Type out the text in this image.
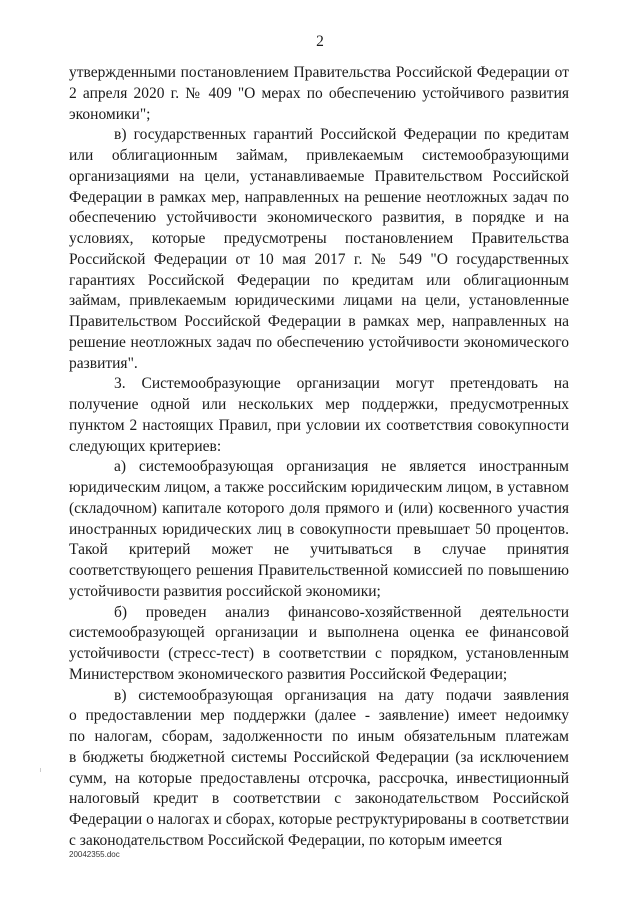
2
утвержденными постановлением Правительства Российской Федерации от
2 апреля 2020 г. № 409 "О мерах по обеспечению устойчивого развития
экономики";
в) государственных гарантий Российской Федерации по кредитам
или облигационным займам, привлекаемым системообразующими
организациями на цели, устанавливаемые Правительством Российской
Федерации в рамках мер, направленных на решение неотложных задач по
обеспечению устойчивости экономического развития, в порядке и на
условиях, которые предусмотрены постановлением Правительства
Российской Федерации от 10 мая 2017 г. № 549 "О государственных
гарантиях Российской Федерации по кредитам или облигационным
займам, привлекаемым юридическими лицами на цели, установленные
Правительством Российской Федерации в рамках мер, направленных на
решение неотложных задач по обеспечению устойчивости экономического
развития".
3. Системообразующие организации могут претендовать на
получение одной или нескольких мер поддержки, предусмотренных
пунктом 2 настоящих Правил, при условии их соответствия совокупности
следующих критериев:
а) системообразующая организация не является иностранным
юридическим лицом, а также российским юридическим лицом, в уставном
(складочном) капитале которого доля прямого и (или) косвенного участия
иностранных юридических лиц в совокупности превышает 50 процентов.
Такой критерий может не учитываться в случае принятия
соответствующего решения Правительственной комиссией по повышению
устойчивости развития российской экономики;
б) проведен анализ финансово-хозяйственной деятельности
системообразующей организации и выполнена оценка ее финансовой
устойчивости (стресс-тест) в соответствии с порядком, установленным
Министерством экономического развития Российской Федерации;
в) системообразующая организация на дату подачи заявления
о предоставлении мер поддержки (далее - заявление) имеет недоимку
по налогам, сборам, задолженности по иным обязательным платежам
в бюджеты бюджетной системы Российской Федерации (за исключением
сумм, на которые предоставлены отсрочка, рассрочка, инвестиционный
налоговый кредит в соответствии с законодательством Российской
Федерации о налогах и сборах, которые реструктурированы в соответствии
с законодательством Российской Федерации, по которым имеется
20042355.doc
